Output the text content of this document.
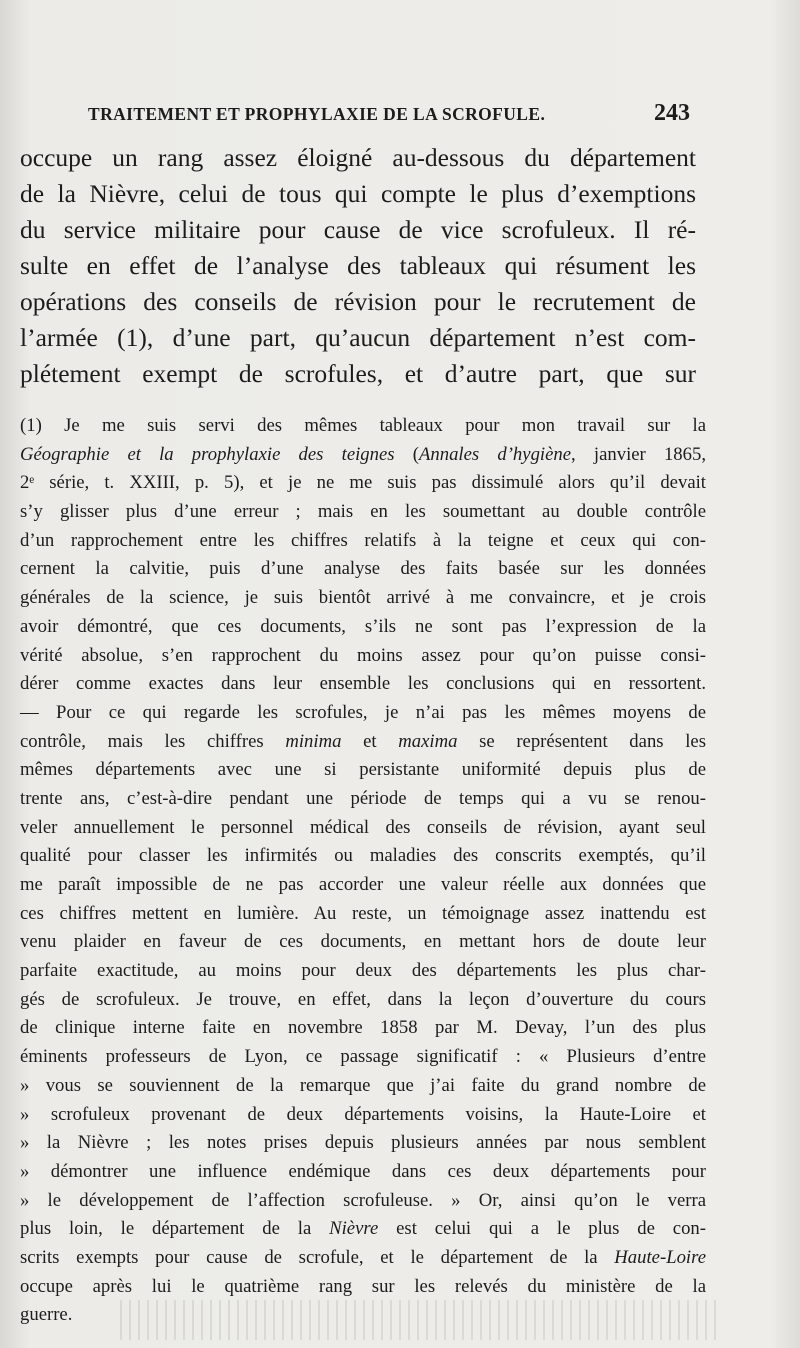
TRAITEMENT ET PROPHYLAXIE DE LA SCROFULE.	243
occupe un rang assez éloigné au-dessous du département
de la Nièvre, celui de tous qui compte le plus d’exemptions
du service militaire pour cause de vice scrofuleux. Il ré-
sulte en effet de l’analyse des tableaux qui résument les
opérations des conseils de révision pour le recrutement de
l’armée (1), d’une part, qu’aucun département n’est com-
plétement exempt de scrofules, et d’autre part, que sur
(1) Je me suis servi des mêmes tableaux pour mon travail sur la
Géographie et la prophylaxie des teignes (Annales d’hygiène, janvier 1865,
2ᵉ série, t. XXIII, p. 5), et je ne me suis pas dissimulé alors qu’il devait
s’y glisser plus d’une erreur ; mais en les soumettant au double contrôle
d’un rapprochement entre les chiffres relatifs à la teigne et ceux qui con-
cernent la calvitie, puis d’une analyse des faits basée sur les données
générales de la science, je suis bientôt arrivé à me convaincre, et je crois
avoir démontré, que ces documents, s’ils ne sont pas l’expression de la
vérité absolue, s’en rapprochent du moins assez pour qu’on puisse consi-
dérer comme exactes dans leur ensemble les conclusions qui en ressortent.
— Pour ce qui regarde les scrofules, je n’ai pas les mêmes moyens de
contrôle, mais les chiffres minima et maxima se représentent dans les
mêmes départements avec une si persistante uniformité depuis plus de
trente ans, c’est-à-dire pendant une période de temps qui a vu se renou-
veler annuellement le personnel médical des conseils de révision, ayant seul
qualité pour classer les infirmités ou maladies des conscrits exemptés, qu’il
me paraît impossible de ne pas accorder une valeur réelle aux données que
ces chiffres mettent en lumière. Au reste, un témoignage assez inattendu est
venu plaider en faveur de ces documents, en mettant hors de doute leur
parfaite exactitude, au moins pour deux des départements les plus char-
gés de scrofuleux. Je trouve, en effet, dans la leçon d’ouverture du cours
de clinique interne faite en novembre 1858 par M. Devay, l’un des plus
éminents professeurs de Lyon, ce passage significatif : « Plusieurs d’entre
» vous se souviennent de la remarque que j’ai faite du grand nombre de
» scrofuleux provenant de deux départements voisins, la Haute-Loire et
» la Nièvre ; les notes prises depuis plusieurs années par nous semblent
» démontrer une influence endémique dans ces deux départements pour
» le développement de l’affection scrofuleuse. » Or, ainsi qu’on le verra
plus loin, le département de la Nièvre est celui qui a le plus de con-
scrits exempts pour cause de scrofule, et le département de la Haute-Loire
occupe après lui le quatrième rang sur les relevés du ministère de la
guerre.
